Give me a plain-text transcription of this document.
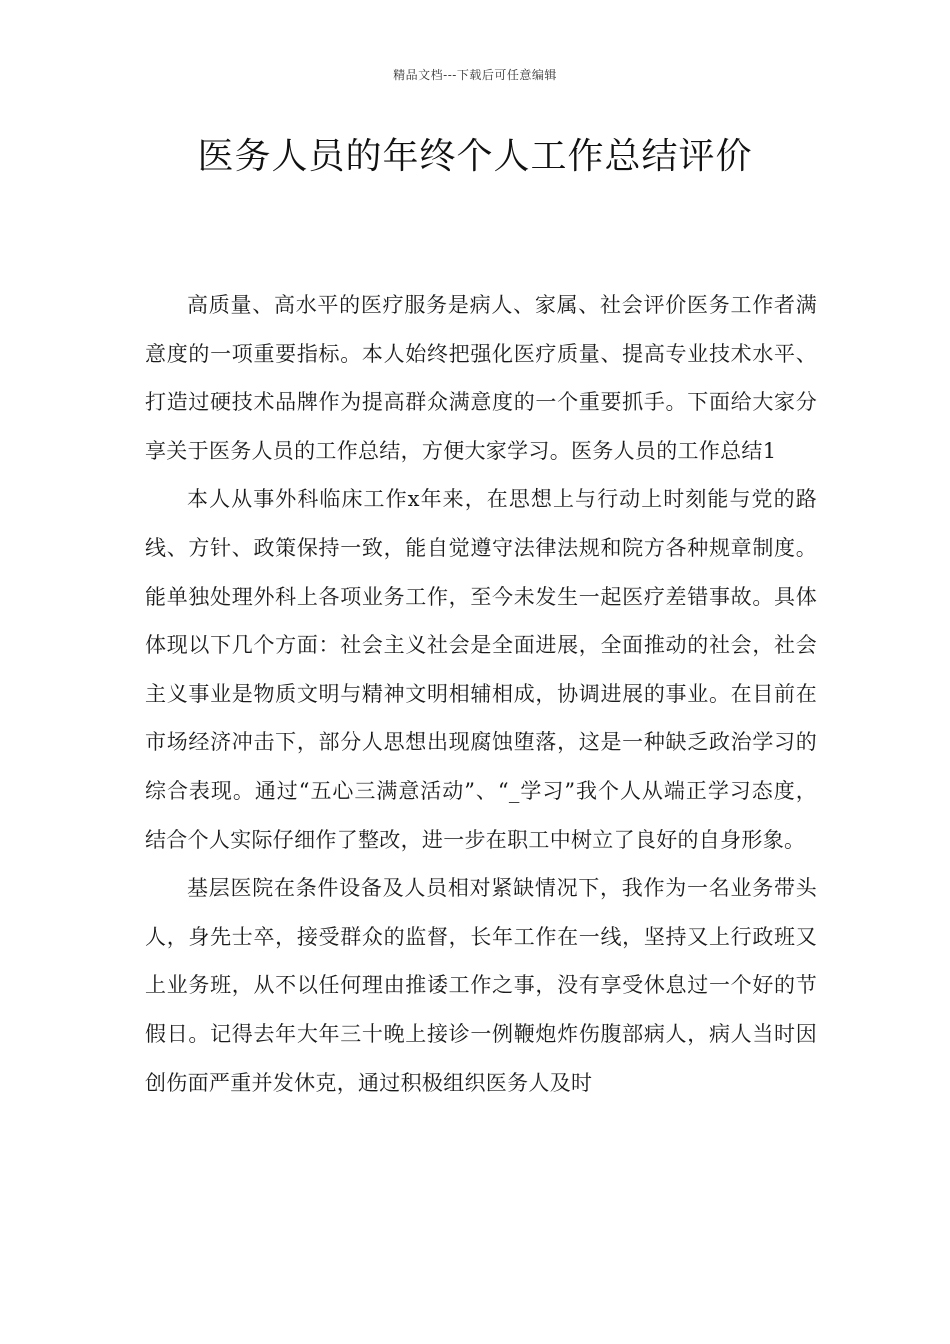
精品文档---下载后可任意编辑
医务人员的年终个人工作总结评价

高质量、高水平的医疗服务是病人、家属、社会评价医务工作者满意度的一项重要指标。本人始终把强化医疗质量、提高专业技术水平、打造过硬技术品牌作为提高群众满意度的一个重要抓手。下面给大家分享关于医务人员的工作总结，方便大家学习。医务人员的工作总结1

本人从事外科临床工作x年来，在思想上与行动上时刻能与党的路线、方针、政策保持一致，能自觉遵守法律法规和院方各种规章制度。能单独处理外科上各项业务工作，至今未发生一起医疗差错事故。具体体现以下几个方面：社会主义社会是全面进展，全面推动的社会，社会主义事业是物质文明与精神文明相辅相成，协调进展的事业。在目前在市场经济冲击下，部分人思想出现腐蚀堕落，这是一种缺乏政治学习的综合表现。通过“五心三满意活动”、“_学习”我个人从端正学习态度，结合个人实际仔细作了整改，进一步在职工中树立了良好的自身形象。

基层医院在条件设备及人员相对紧缺情况下，我作为一名业务带头人，身先士卒，接受群众的监督，长年工作在一线，坚持又上行政班又上业务班，从不以任何理由推诿工作之事，没有享受休息过一个好的节假日。记得去年大年三十晚上接诊一例鞭炮炸伤腹部病人，病人当时因创伤面严重并发休克，通过积极组织医务人及时
